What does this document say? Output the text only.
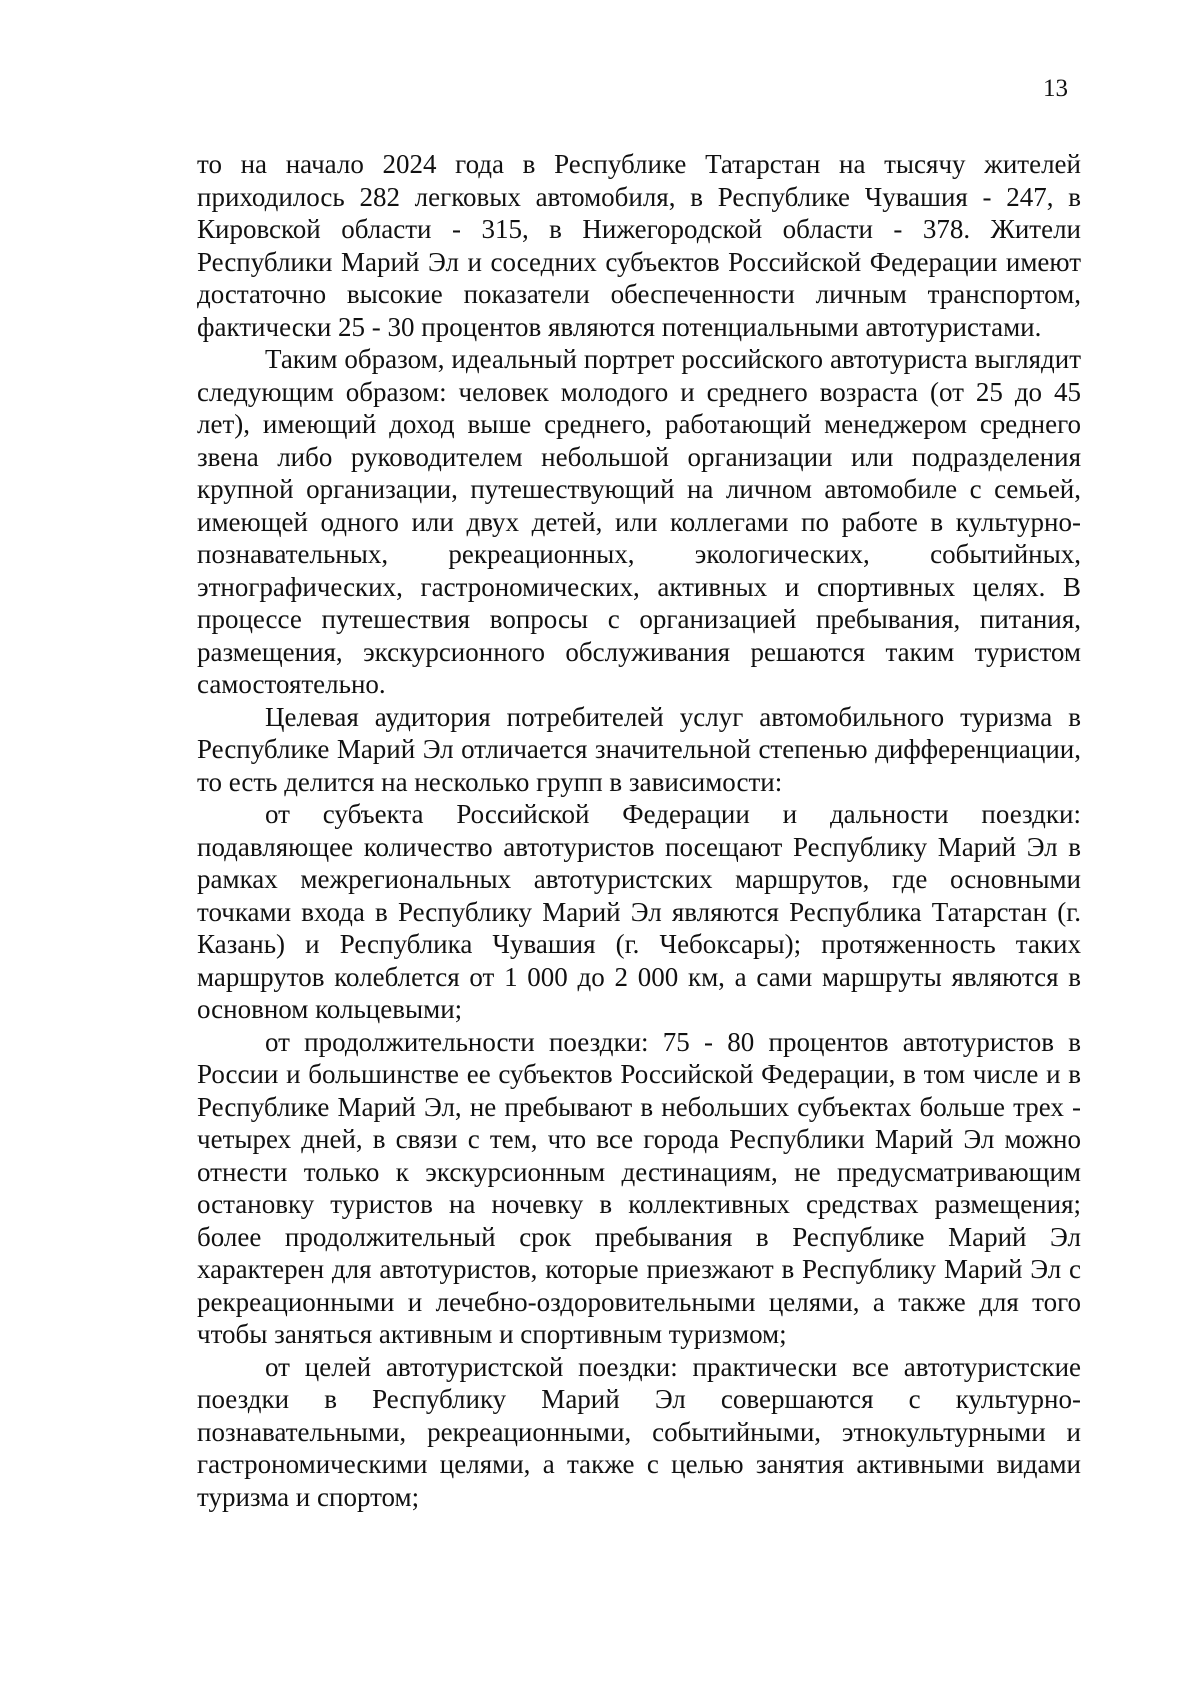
13

то на начало 2024 года в Республике Татарстан на тысячу жителей приходилось 282 легковых автомобиля, в Республике Чувашия - 247, в Кировской области - 315, в Нижегородской области - 378. Жители Республики Марий Эл и соседних субъектов Российской Федерации имеют достаточно высокие показатели обеспеченности личным транспортом, фактически 25 - 30 процентов являются потенциальными автотуристами.

Таким образом, идеальный портрет российского автотуриста выглядит следующим образом: человек молодого и среднего возраста (от 25 до 45 лет), имеющий доход выше среднего, работающий менеджером среднего звена либо руководителем небольшой организации или подразделения крупной организации, путешествующий на личном автомобиле с семьей, имеющей одного или двух детей, или коллегами по работе в культурно-познавательных, рекреационных, экологических, событийных, этнографических, гастрономических, активных и спортивных целях. В процессе путешествия вопросы с организацией пребывания, питания, размещения, экскурсионного обслуживания решаются таким туристом самостоятельно.

Целевая аудитория потребителей услуг автомобильного туризма в Республике Марий Эл отличается значительной степенью дифференциации, то есть делится на несколько групп в зависимости:

от субъекта Российской Федерации и дальности поездки: подавляющее количество автотуристов посещают Республику Марий Эл в рамках межрегиональных автотуристских маршрутов, где основными точками входа в Республику Марий Эл являются Республика Татарстан (г. Казань) и Республика Чувашия (г. Чебоксары); протяженность таких маршрутов колеблется от 1 000 до 2 000 км, а сами маршруты являются в основном кольцевыми;

от продолжительности поездки: 75 - 80 процентов автотуристов в России и большинстве ее субъектов Российской Федерации, в том числе и в Республике Марий Эл, не пребывают в небольших субъектах больше трех - четырех дней, в связи с тем, что все города Республики Марий Эл можно отнести только к экскурсионным дестинациям, не предусматривающим остановку туристов на ночевку в коллективных средствах размещения; более продолжительный срок пребывания в Республике Марий Эл характерен для автотуристов, которые приезжают в Республику Марий Эл с рекреационными и лечебно-оздоровительными целями, а также для того чтобы заняться активным и спортивным туризмом;

от целей автотуристской поездки: практически все автотуристские поездки в Республику Марий Эл совершаются с культурно-познавательными, рекреационными, событийными, этнокультурными и гастрономическими целями, а также с целью занятия активными видами туризма и спортом;
